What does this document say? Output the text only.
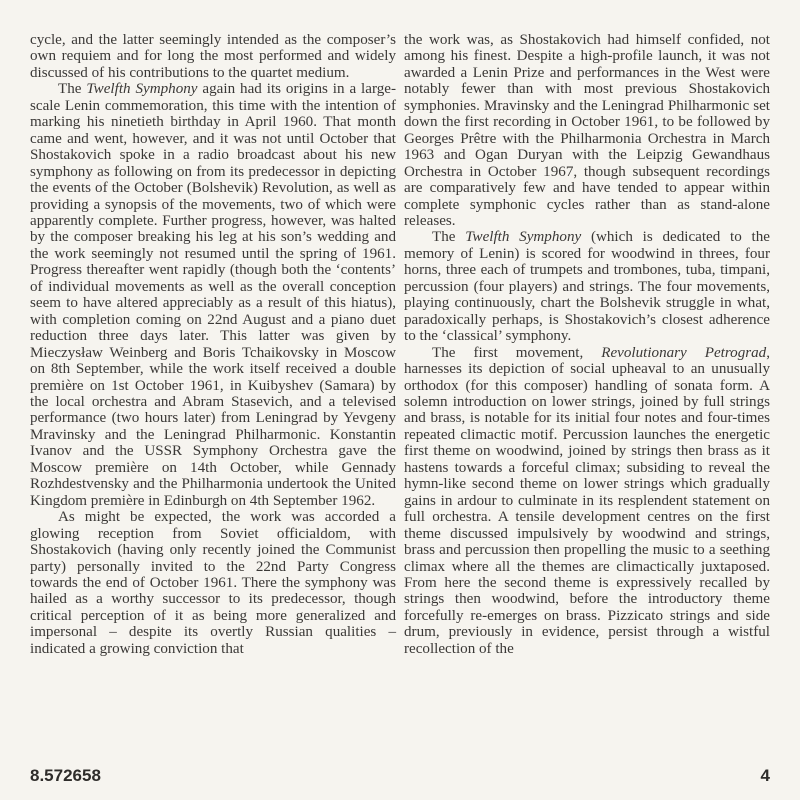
cycle, and the latter seemingly intended as the composer’s own requiem and for long the most performed and widely discussed of his contributions to the quartet medium.

The Twelfth Symphony again had its origins in a large-scale Lenin commemoration, this time with the intention of marking his ninetieth birthday in April 1960. That month came and went, however, and it was not until October that Shostakovich spoke in a radio broadcast about his new symphony as following on from its predecessor in depicting the events of the October (Bolshevik) Revolution, as well as providing a synopsis of the movements, two of which were apparently complete. Further progress, however, was halted by the composer breaking his leg at his son’s wedding and the work seemingly not resumed until the spring of 1961. Progress thereafter went rapidly (though both the ‘contents’ of individual movements as well as the overall conception seem to have altered appreciably as a result of this hiatus), with completion coming on 22nd August and a piano duet reduction three days later. This latter was given by Mieczysław Weinberg and Boris Tchaikovsky in Moscow on 8th September, while the work itself received a double première on 1st October 1961, in Kuibyshev (Samara) by the local orchestra and Abram Stasevich, and a televised performance (two hours later) from Leningrad by Yevgeny Mravinsky and the Leningrad Philharmonic. Konstantin Ivanov and the USSR Symphony Orchestra gave the Moscow première on 14th October, while Gennady Rozhdestvensky and the Philharmonia undertook the United Kingdom première in Edinburgh on 4th September 1962.

As might be expected, the work was accorded a glowing reception from Soviet officialdom, with Shostakovich (having only recently joined the Communist party) personally invited to the 22nd Party Congress towards the end of October 1961. There the symphony was hailed as a worthy successor to its predecessor, though critical perception of it as being more generalized and impersonal – despite its overtly Russian qualities – indicated a growing conviction that

the work was, as Shostakovich had himself confided, not among his finest. Despite a high-profile launch, it was not awarded a Lenin Prize and performances in the West were notably fewer than with most previous Shostakovich symphonies. Mravinsky and the Leningrad Philharmonic set down the first recording in October 1961, to be followed by Georges Prêtre with the Philharmonia Orchestra in March 1963 and Ogan Duryan with the Leipzig Gewandhaus Orchestra in October 1967, though subsequent recordings are comparatively few and have tended to appear within complete symphonic cycles rather than as stand-alone releases.

The Twelfth Symphony (which is dedicated to the memory of Lenin) is scored for woodwind in threes, four horns, three each of trumpets and trombones, tuba, timpani, percussion (four players) and strings. The four movements, playing continuously, chart the Bolshevik struggle in what, paradoxically perhaps, is Shostakovich’s closest adherence to the ‘classical’ symphony.

The first movement, Revolutionary Petrograd, harnesses its depiction of social upheaval to an unusually orthodox (for this composer) handling of sonata form. A solemn introduction on lower strings, joined by full strings and brass, is notable for its initial four notes and four-times repeated climactic motif. Percussion launches the energetic first theme on woodwind, joined by strings then brass as it hastens towards a forceful climax; subsiding to reveal the hymn-like second theme on lower strings which gradually gains in ardour to culminate in its resplendent statement on full orchestra. A tensile development centres on the first theme discussed impulsively by woodwind and strings, brass and percussion then propelling the music to a seething climax where all the themes are climactically juxtaposed. From here the second theme is expressively recalled by strings then woodwind, before the introductory theme forcefully re-emerges on brass. Pizzicato strings and side drum, previously in evidence, persist through a wistful recollection of the

8.572658	4
